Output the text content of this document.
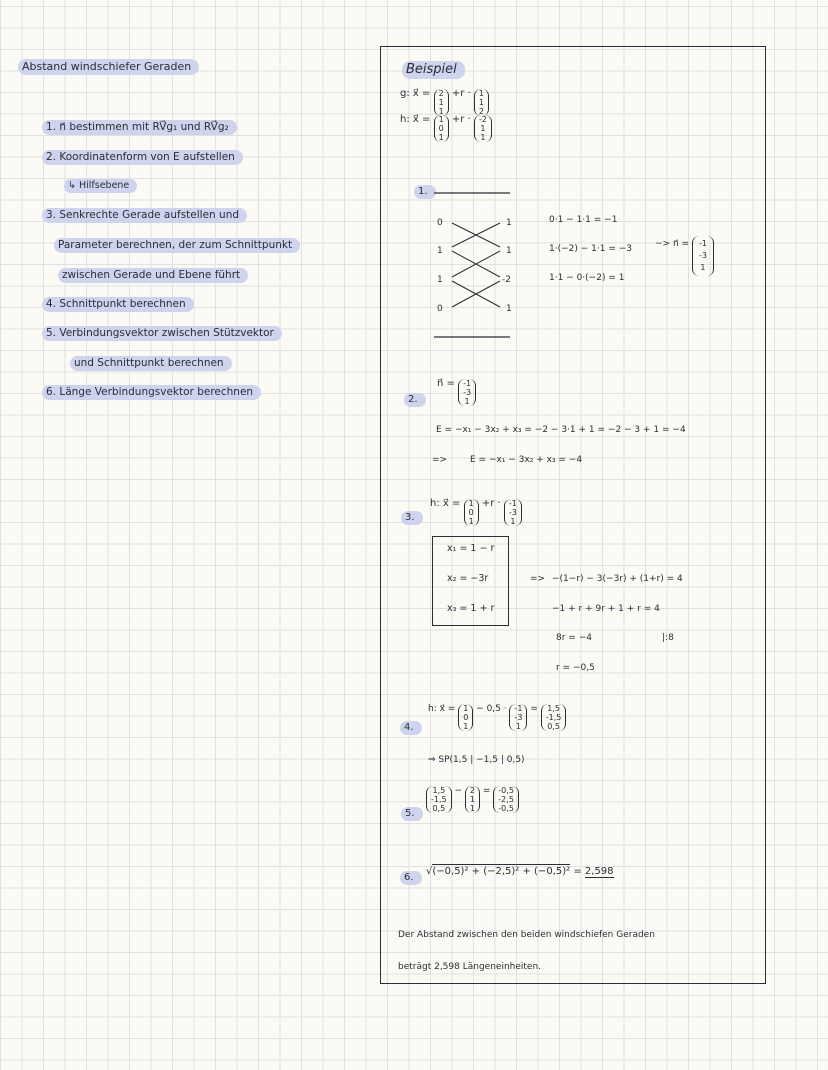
Abstand windschiefer Geraden
1. n⃗ bestimmen mit RV⃗g₁ und RV⃗g₂
2. Koordinatenform von E aufstellen
↳ Hilfsebene
3. Senkrechte Gerade aufstellen und
Parameter berechnen, der zum Schnittpunkt
zwischen Gerade und Ebene führt
4. Schnittpunkt berechnen
5. Verbindungsvektor zwischen Stützvektor
und Schnittpunkt berechnen
6. Länge Verbindungsvektor berechnen
Beispiel
g: x⃗ = 2
1
1
+r · 1
1
2
h: x⃗ = 1
0
1
+r · -2
1
1
1.
0
1
1
0
1
1
-2
1
0·1 − 1·1 = −1
1·(−2) − 1·1 = −3
1·1 − 0·(−2) = 1
~> n⃗ = -1
-3
1
2.
n⃗ = -1
-3
1
E = −x₁ − 3x₂ + x₃ = −2 − 3·1 + 1 = −2 − 3 + 1 = −4
=>	E = −x₁ − 3x₂ + x₃ = −4
3.
h: x⃗ = 1
0
1
+r · -1
-3
1
x₁ = 1 − r
x₂ = −3r
x₃ = 1 + r
=> −(1−r) − 3(−3r) + (1+r) = 4
−1 + r + 9r + 1 + r = 4
8r = −4
r = −0,5
|:8
4.
h: x⃗ = 1
0
1
− 0,5 · -1
-3
1
= 1,5
-1,5
0,5
⇒ SP(1,5 | −1,5 | 0,5)
5.
1,5
-1,5
0,5
− 2
1
1
= -0,5
-2,5
-0,5
6.
√(−0,5)² + (−2,5)² + (−0,5)² = 2,598
Der Abstand zwischen den beiden windschiefen Geraden
beträgt 2,598 Längeneinheiten.
